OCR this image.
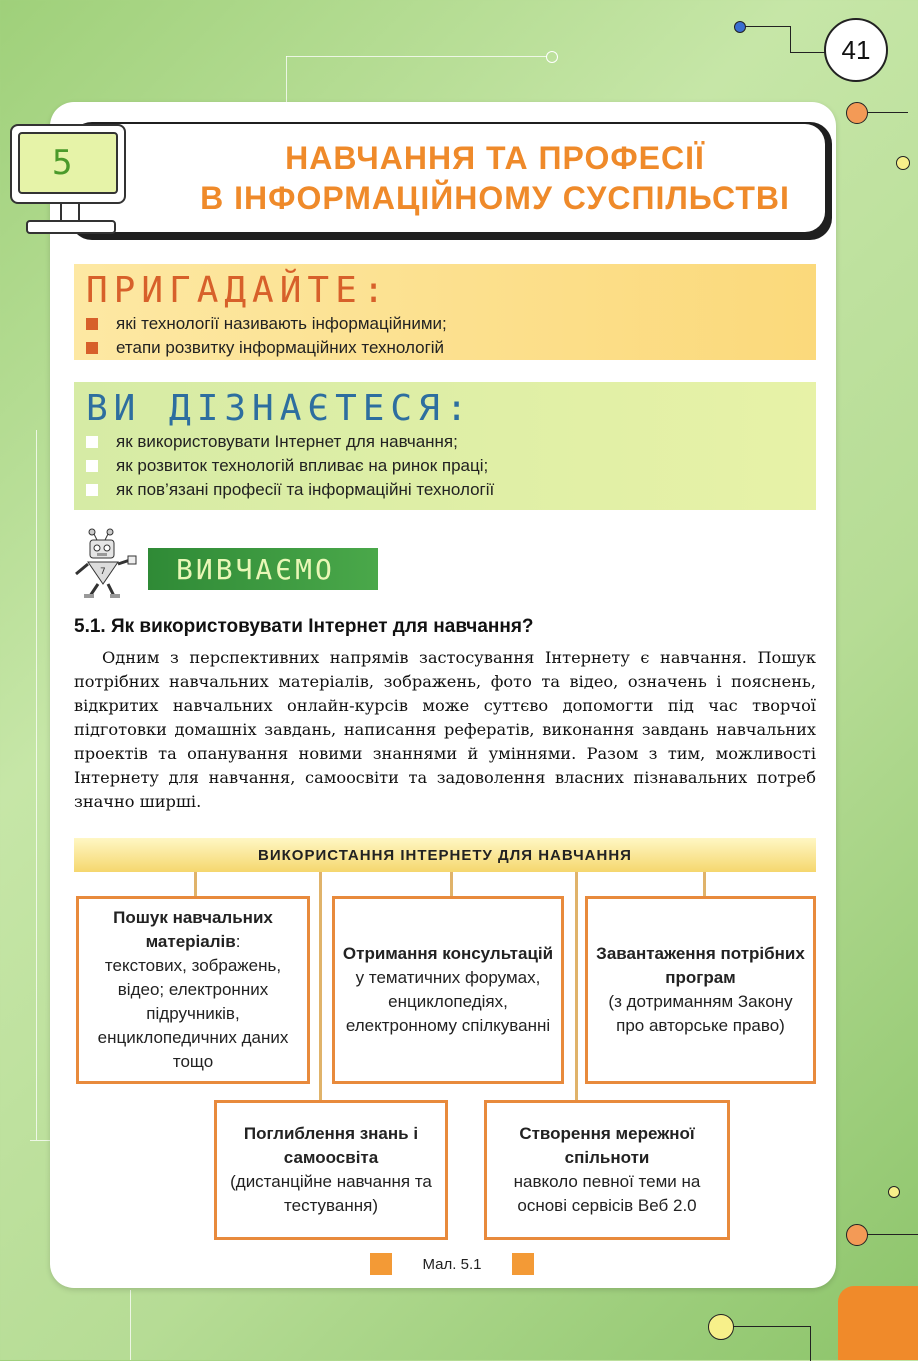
41
НАВЧАННЯ ТА ПРОФЕСІЇ
В ІНФОРМАЦІЙНОМУ СУСПІЛЬСТВІ
5
ПРИГАДАЙТЕ:
які технології називають інформаційними;
етапи розвитку інформаційних технологій
ВИ ДІЗНАЄТЕСЯ:
як використовувати Інтернет для навчання;
як розвиток технологій впливає на ринок праці;
як пов’язані професії та інформаційні технології
7	ВИВЧАЄМО
5.1. Як використовувати Інтернет для навчання?

Одним з перспективних напрямів застосування Інтернету є навчання. Пошук потрібних навчальних матеріалів, зображень, фото та відео, означень і пояснень, відкритих навчальних онлайн-курсів може суттєво допомогти під час творчої підготовки домашніх завдань, написання рефератів, виконання завдань навчальних проектів та опанування новими знаннями й уміннями. Разом з тим, можливості Інтернету для навчання, самоосвіти та задоволення власних пізнавальних потреб значно ширші.

ВИКОРИСТАННЯ ІНТЕРНЕТУ ДЛЯ НАВЧАННЯ
Пошук навчальних матеріалів:
текстових, зображень, відео; електронних підручників, енциклопедичних даних тощо
Отримання консультацій
у тематичних форумах, енциклопедіях, електронному спілкуванні
Завантаження потрібних програм
(з дотриманням Закону про авторське право)
Поглиблення знань і самоосвіта
(дистанційне навчання та тестування)
Створення мережної спільноти
навколо певної теми на основі сервісів Веб 2.0
Мал. 5.1
